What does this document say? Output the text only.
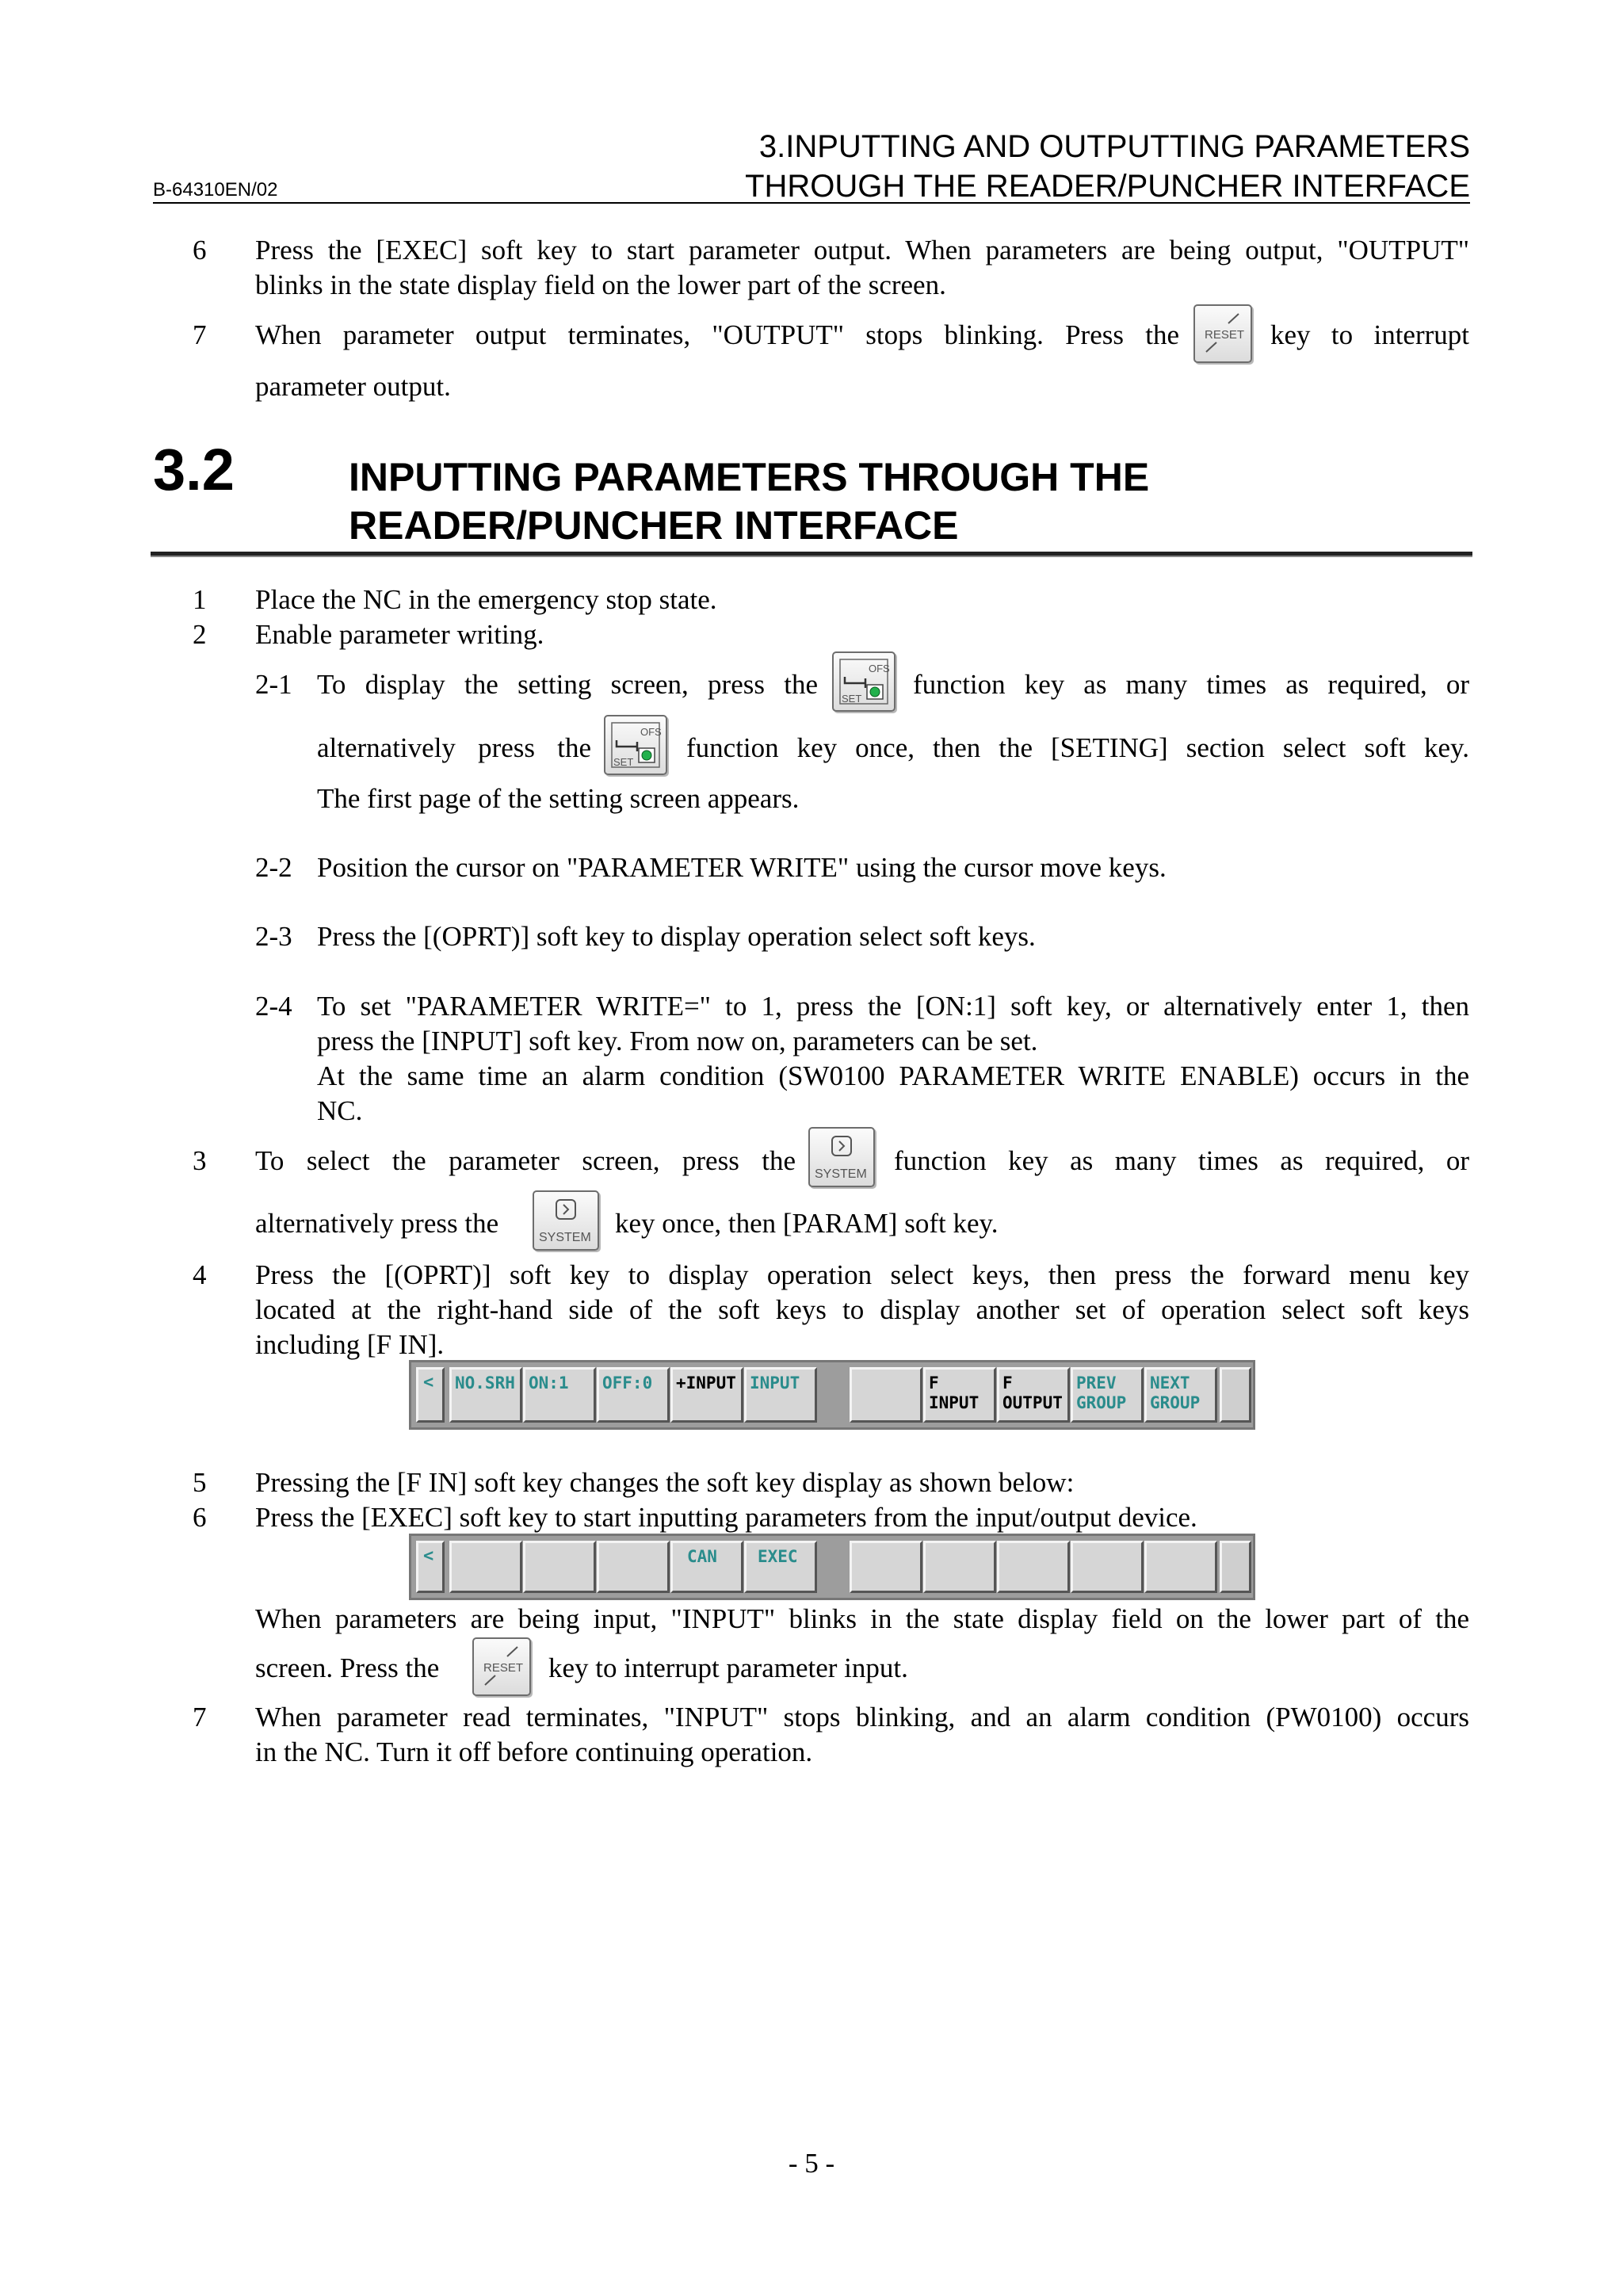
3.INPUTTING AND OUTPUTTING PARAMETERS
THROUGH THE READER/PUNCHER INTERFACE
B-64310EN/02
6 Press the [EXEC] soft key to start parameter output. When parameters are being output, "OUTPUT"
blinks in the state display field on the lower part of the screen.
7 When parameter output terminates, "OUTPUT" stops blinking. Press the RESET key to interrupt
parameter output.
3.2	INPUTTING PARAMETERS THROUGH THE
READER/PUNCHER INTERFACE
1 Place the NC in the emergency stop state.
2 Enable parameter writing.
2-1 To display the setting screen, press the
OFS
SET function key as many times as required, or
alternatively press the
OFS
SET function key once, then the [SETING] section select soft key.
The first page of the setting screen appears.
2-2 Position the cursor on "PARAMETER WRITE" using the cursor move keys.
2-3 Press the [(OPRT)] soft key to display operation select soft keys.
2-4 To set "PARAMETER WRITE=" to 1, press the [ON:1] soft key, or alternatively enter 1, then
press the [INPUT] soft key. From now on, parameters can be set.
At the same time an alarm condition (SW0100 PARAMETER WRITE ENABLE) occurs in the
NC.
3 To select the parameter screen, press the SYSTEM function key as many times as required, or
alternatively press the	SYSTEM key once, then [PARAM] soft key.
4 Press the [(OPRT)] soft key to display operation select keys, then press the forward menu key
located at the right-hand side of the soft keys to display another set of operation select soft keys
including [F IN].
<	NO.SRH ON:1	OFF:0	+INPUT INPUT	F
INPUT
F
OUTPUT
PREV
GROUP
NEXT
GROUP
5 Pressing the [F IN] soft key changes the soft key display as shown below:
6 Press the [EXEC] soft key to start inputting parameters from the input/output device.
<	CAN	EXEC
When parameters are being input, "INPUT" blinks in the state display field on the lower part of the
screen. Press the	RESET key to interrupt parameter input.
7 When parameter read terminates, "INPUT" stops blinking, and an alarm condition (PW0100) occurs
in the NC. Turn it off before continuing operation.
- 5 -
